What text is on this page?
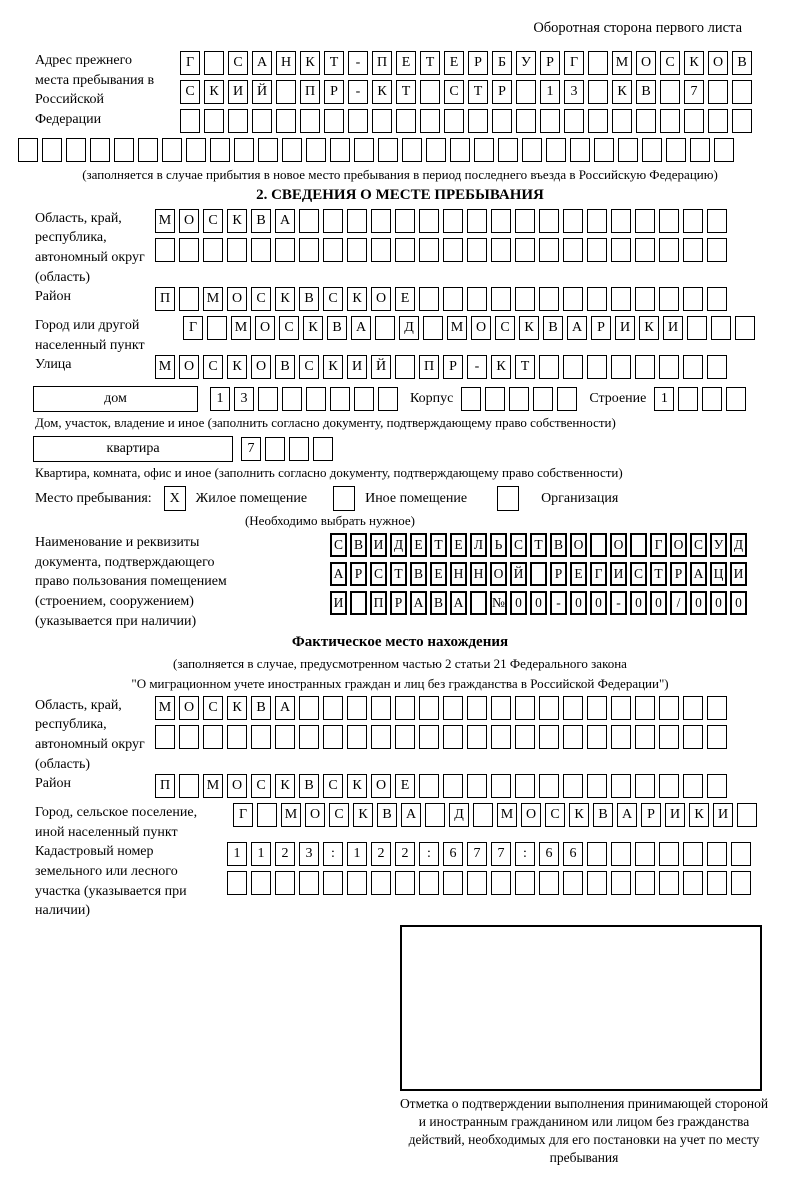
Оборотная сторона первого листа
Адрес прежнего места пребывания в Российской Федерации
Г	С	А Н	К	Т	-	П	Е	Т	Е	Р	Б	У	Р	Г	М О	С	К	О	В
С	К	И Й	П	Р	-	К	Т	С	Т	Р	1	3	К	В	7
(заполняется в случае прибытия в новое место пребывания в период последнего въезда в Российскую Федерацию)
2. СВЕДЕНИЯ О МЕСТЕ ПРЕБЫВАНИЯ
Область, край, республика, автономный округ (область)
М О	С	К	В	А
Район	П	М О	С	К	В	С	К	О	Е
Город или другой населенный пункт
Г	М О	С	К	В	А	Д	М О	С	К	В	А	Р	И	К	И
Улица	М О	С	К	О	В	С	К	И Й	П	Р	-	К	Т
дом	1	3	Корпус	Строение	1
Дом, участок, владение и иное (заполнить согласно документу, подтверждающему право собственности)
квартира	7
Квартира, комната, офис и иное (заполнить согласно документу, подтверждающему право собственности)
Место пребывания:	X	Жилое помещение	Иное помещение	Организация
(Необходимо выбрать нужное)
Наименование и реквизиты документа, подтверждающего право пользования помещением (строением, сооружением) (указывается при наличии)
С В И Д Е Т Е Л Ь С Т В О О	Г О С У Д
А Р С Т В Е Н Н О Й	Р Е Г И С Т Р А Ц И
И П Р А В А № 0 0	-	0 0	-	0 0	/	0 0 0
Фактическое место нахождения
(заполняется в случае, предусмотренном частью 2 статьи 21 Федерального закона
"О миграционном учете иностранных граждан и лиц без гражданства в Российской Федерации")
Область, край, республика, автономный округ (область)
М О	С	К	В	А
Район	П	М О	С	К	В	С	К	О	Е
Город, сельское поселение, иной населенный пункт
Г	М О	С	К	В	А	Д	М О	С	К	В	А	Р	И	К	И
Кадастровый номер земельного или лесного участка (указывается при наличии)
1	1	2	3	:	1	2	2	:	6	7	7	:	6	6
Отметка о подтверждении выполнения принимающей стороной и иностранным гражданином или лицом без гражданства действий, необходимых для его постановки на учет по месту пребывания
